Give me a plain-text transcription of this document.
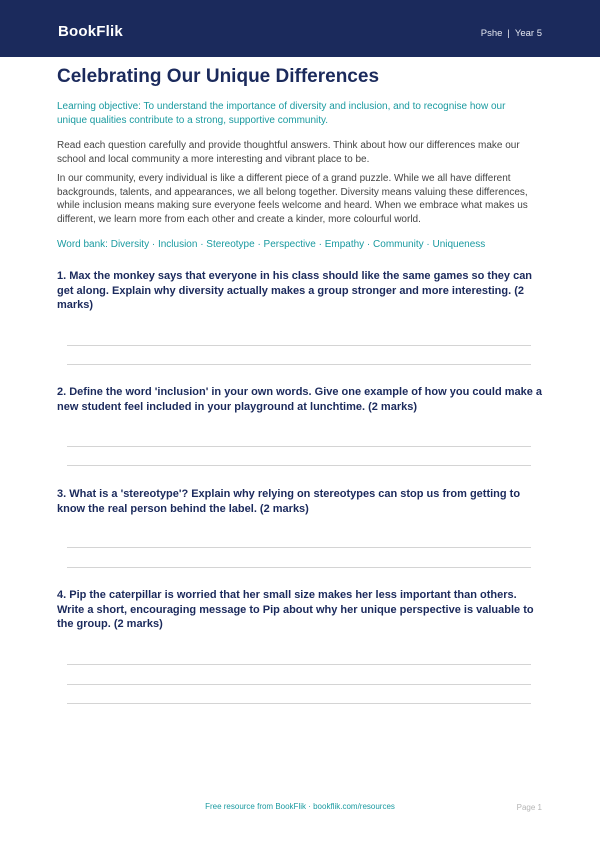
BookFlik	Pshe | Year 5
Celebrating Our Unique Differences

Learning objective: To understand the importance of diversity and inclusion, and to recognise how our unique qualities contribute to a strong, supportive community.

Read each question carefully and provide thoughtful answers. Think about how our differences make our school and local community a more interesting and vibrant place to be.

In our community, every individual is like a different piece of a grand puzzle. While we all have different backgrounds, talents, and appearances, we all belong together. Diversity means valuing these differences, while inclusion means making sure everyone feels welcome and heard. When we embrace what makes us different, we learn more from each other and create a kinder, more colourful world.

Word bank: Diversity · Inclusion · Stereotype · Perspective · Empathy · Community · Uniqueness

1. Max the monkey says that everyone in his class should like the same games so they can get along. Explain why diversity actually makes a group stronger and more interesting. (2 marks)

2. Define the word 'inclusion' in your own words. Give one example of how you could make a new student feel included in your playground at lunchtime. (2 marks)

3. What is a 'stereotype'? Explain why relying on stereotypes can stop us from getting to know the real person behind the label. (2 marks)

4. Pip the caterpillar is worried that her small size makes her less important than others. Write a short, encouraging message to Pip about why her unique perspective is valuable to the group. (2 marks)

Free resource from BookFlik · bookflik.com/resources	Page 1
